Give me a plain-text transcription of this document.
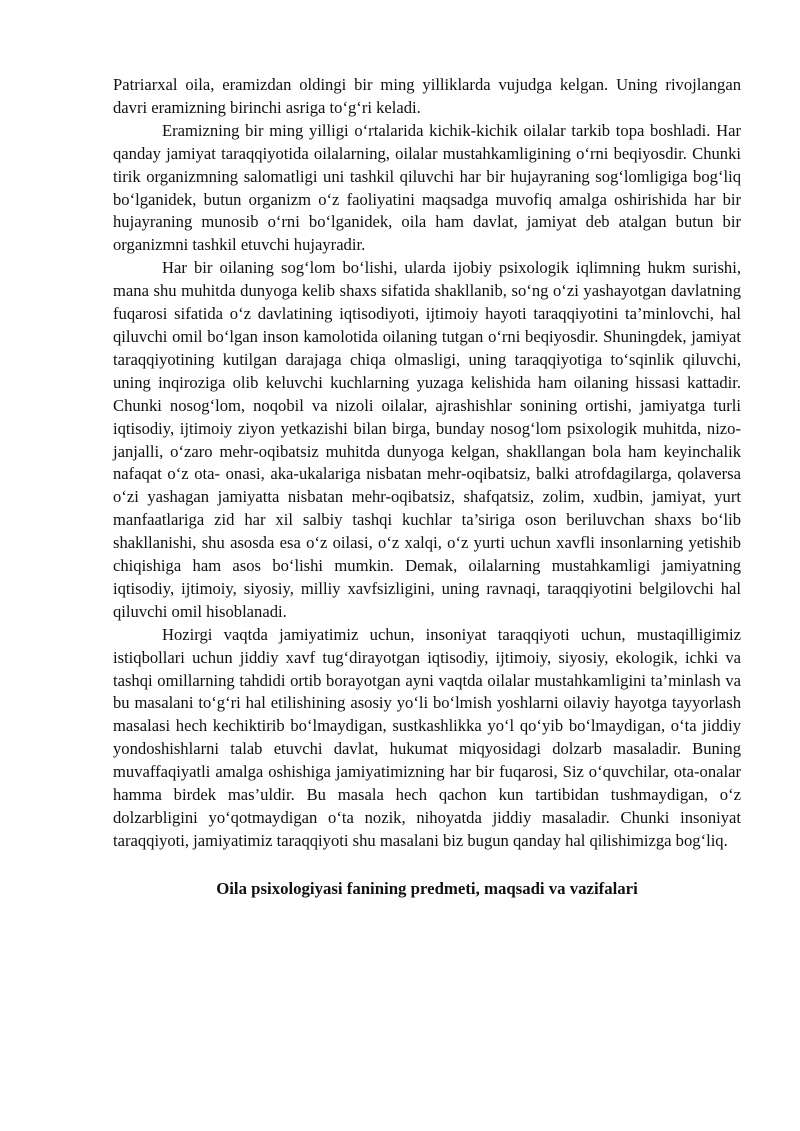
Patriarxal oila, eramizdan oldingi bir ming yilliklarda vujudga kelgan. Uning rivojlangan davri eramizning birinchi asriga to‘g‘ri keladi.

Eramizning bir ming yilligi o‘rtalarida kichik-kichik oilalar tarkib topa boshladi. Har qanday jamiyat taraqqiyotida oilalarning, oilalar mustahkamligining o‘rni beqiyosdir. Chunki tirik organizmning salomatligi uni tashkil qiluvchi har bir hujayraning sog‘lomligiga bog‘liq bo‘lganidek, butun organizm o‘z faoliyatini maqsadga muvofiq amalga oshirishida har bir hujayraning munosib o‘rni bo‘lganidek, oila ham davlat, jamiyat deb atalgan butun bir organizmni tashkil etuvchi hujayradir.

Har bir oilaning sog‘lom bo‘lishi, ularda ijobiy psixologik iqlimning hukm surishi, mana shu muhitda dunyoga kelib shaxs sifatida shakllanib, so‘ng o‘zi yashayotgan davlatning fuqarosi sifatida o‘z davlatining iqtisodiyoti, ijtimoiy hayoti taraqqiyotini ta’minlovchi, hal qiluvchi omil bo‘lgan inson kamolotida oilaning tutgan o‘rni beqiyosdir. Shuningdek, jamiyat taraqqiyotining kutilgan darajaga chiqa olmasligi, uning taraqqiyotiga to‘sqinlik qiluvchi, uning inqiroziga olib keluvchi kuchlarning yuzaga kelishida ham oilaning hissasi kattadir. Chunki nosog‘lom, noqobil va nizoli oilalar, ajrashishlar sonining ortishi, jamiyatga turli iqtisodiy, ijtimoiy ziyon yetkazishi bilan birga, bunday nosog‘lom psixologik muhitda, nizo-janjalli, o‘zaro mehr-oqibatsiz muhitda dunyoga kelgan, shakllangan bola ham keyinchalik nafaqat o‘z ota- onasi, aka-ukalariga nisbatan mehr-oqibatsiz, balki atrofdagilarga, qolaversa o‘zi yashagan jamiyatta nisbatan mehr-oqibatsiz, shafqatsiz, zolim, xudbin, jamiyat, yurt manfaatlariga zid har xil salbiy tashqi kuchlar ta’siriga oson beriluvchan shaxs bo‘lib shakllanishi, shu asosda esa o‘z oilasi, o‘z xalqi, o‘z yurti uchun xavfli insonlarning yetishib chiqishiga ham asos bo‘lishi mumkin. Demak, oilalarning mustahkamligi jamiyatning iqtisodiy, ijtimoiy, siyosiy, milliy xavfsizligini, uning ravnaqi, taraqqiyotini belgilovchi hal qiluvchi omil hisoblanadi.

Hozirgi vaqtda jamiyatimiz uchun, insoniyat taraqqiyoti uchun, mustaqilligimiz istiqbollari uchun jiddiy xavf tug‘dirayotgan iqtisodiy, ijtimoiy, siyosiy, ekologik, ichki va tashqi omillarning tahdidi ortib borayotgan ayni vaqtda oilalar mustahkamligini ta’minlash va bu masalani to‘g‘ri hal etilishining asosiy yo‘li bo‘lmish yoshlarni oilaviy hayotga tayyorlash masalasi hech kechiktirib bo‘lmaydigan, sustkashlikka yo‘l qo‘yib bo‘lmaydigan, o‘ta jiddiy yondoshishlarni talab etuvchi davlat, hukumat miqyosidagi dolzarb masaladir. Buning muvaffaqiyatli amalga oshishiga jamiyatimizning har bir fuqarosi, Siz o‘quvchilar, ota-onalar hamma birdek mas’uldir. Bu masala hech qachon kun tartibidan tushmaydigan, o‘z dolzarbligini yo‘qotmaydigan o‘ta nozik, nihoyatda jiddiy masaladir. Chunki insoniyat taraqqiyoti, jamiyatimiz taraqqiyoti shu masalani biz bugun qanday hal qilishimizga bog‘liq.

Oila psixologiyasi fanining predmeti, maqsadi va vazifalari
